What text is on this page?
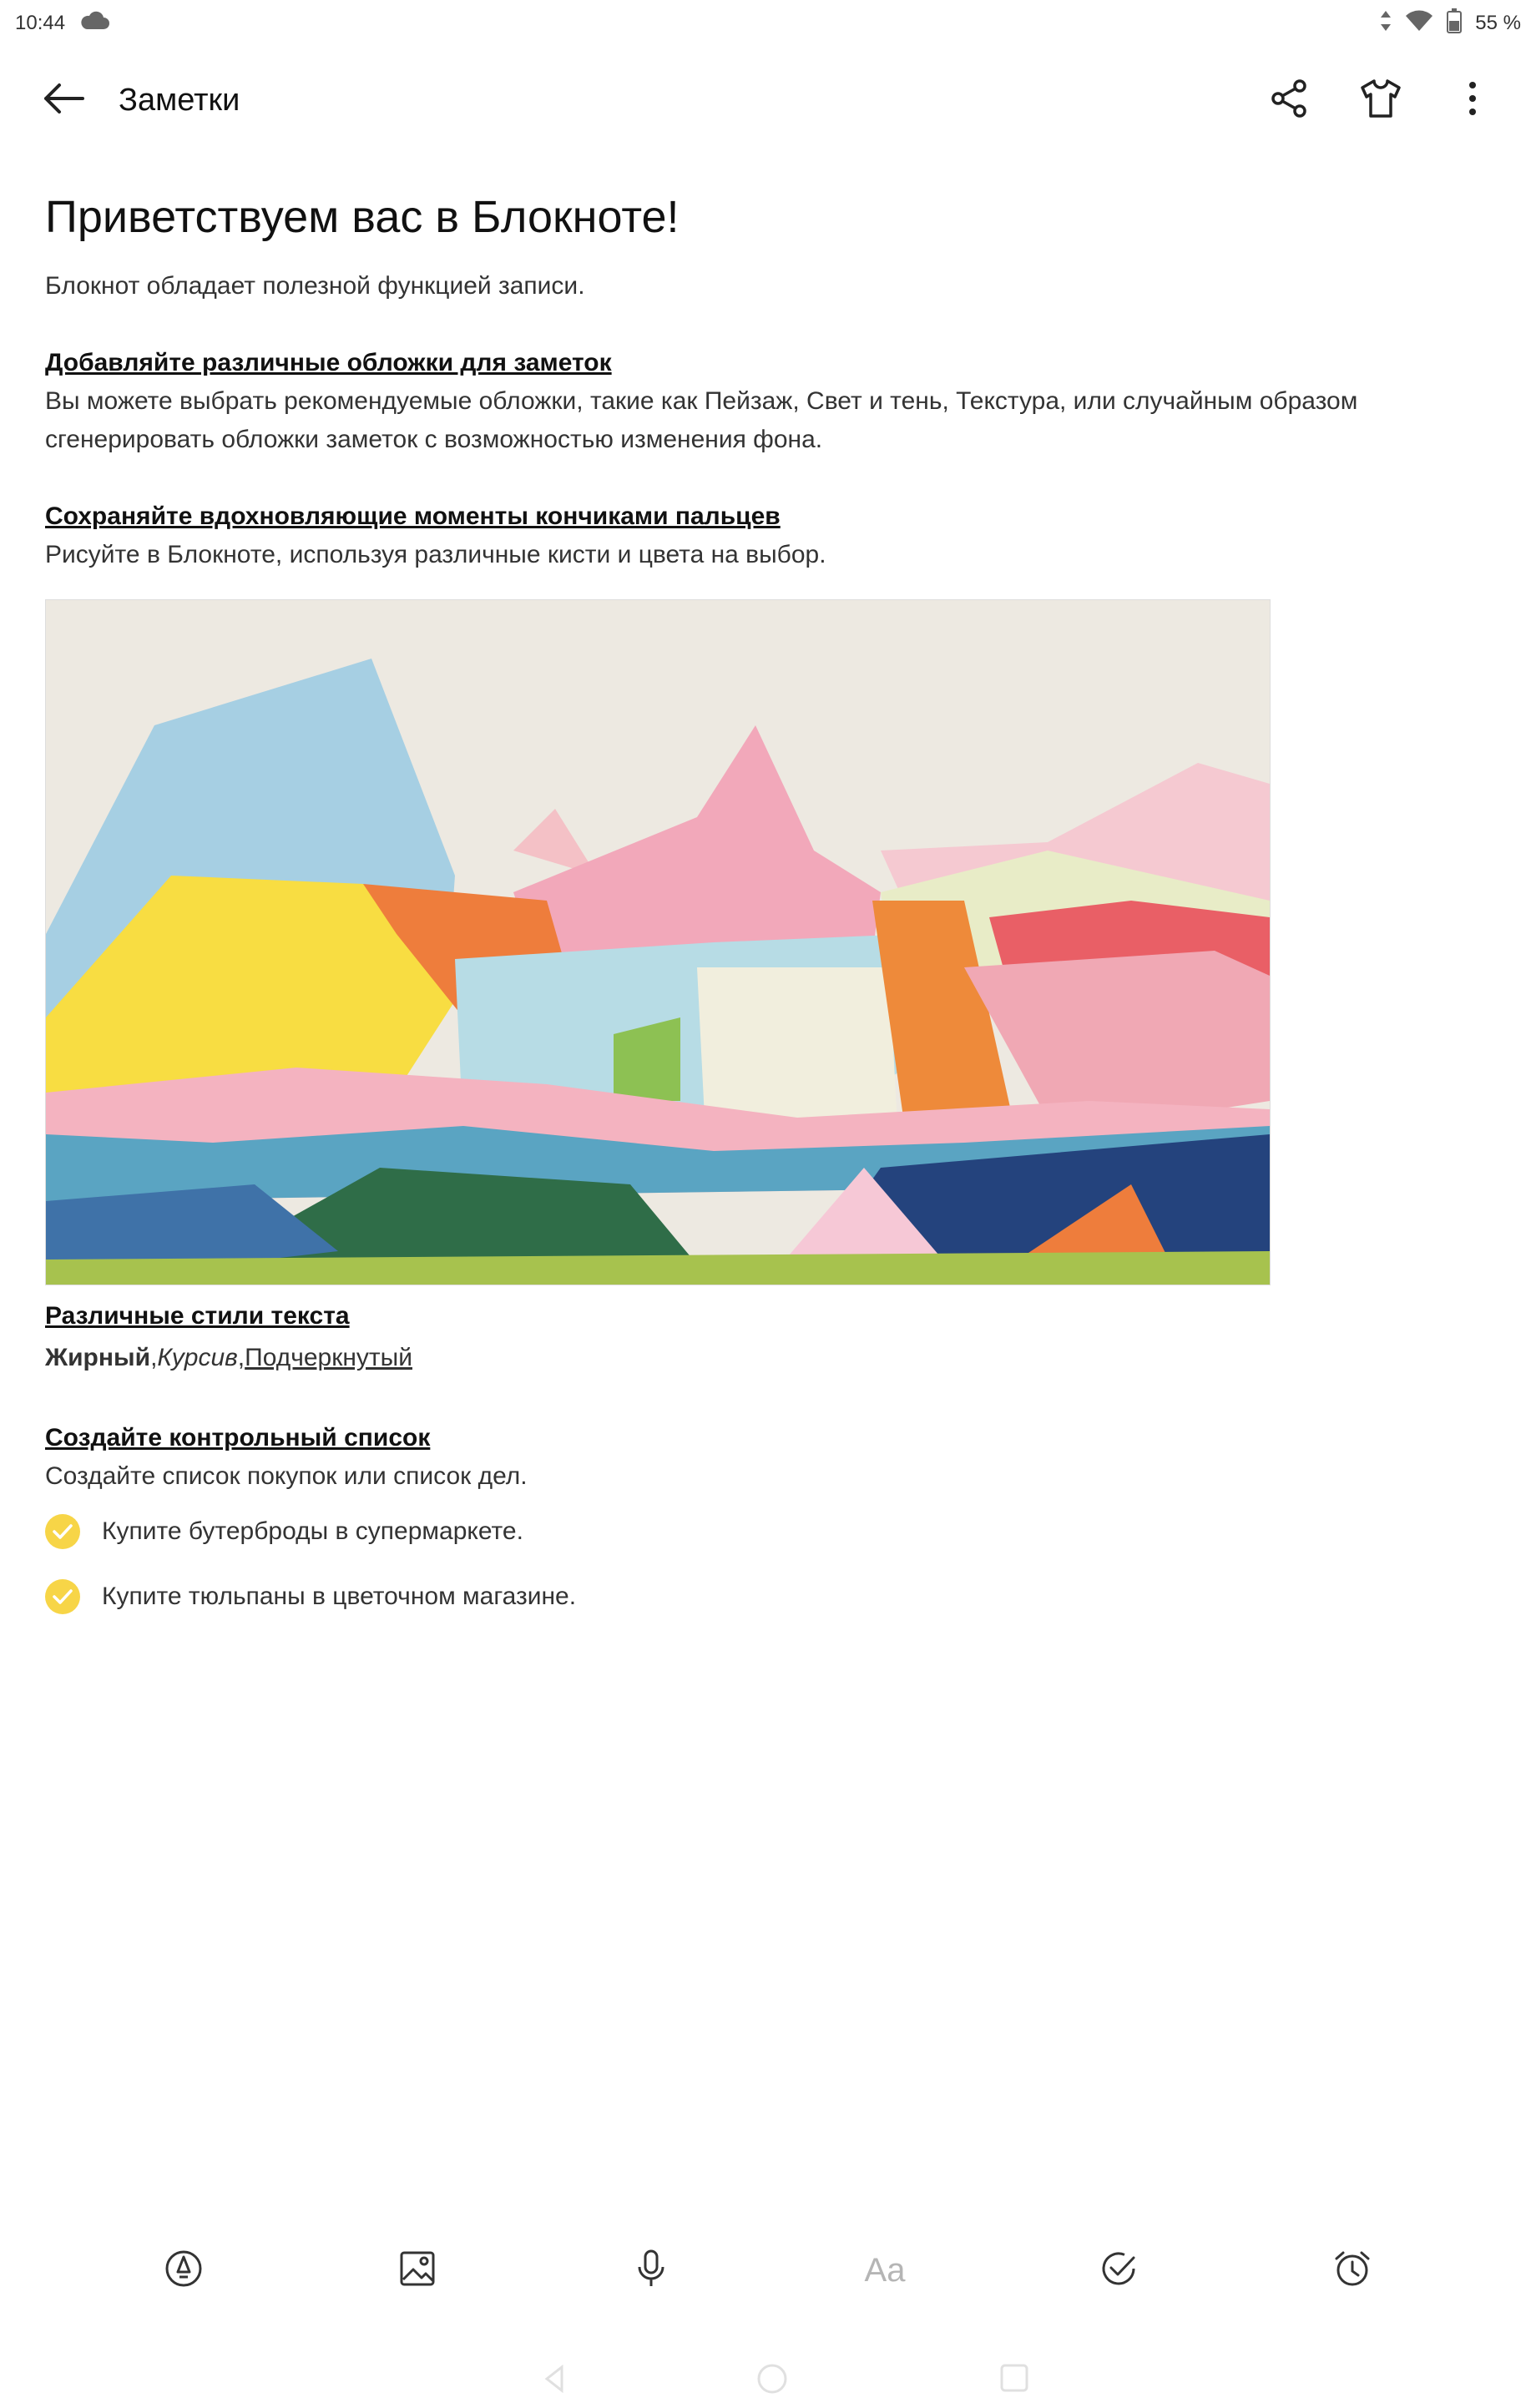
10:44	55 %
Заметки
Приветствуем вас в Блокноте!

Блокнот обладает полезной функцией записи.

Добавляйте различные обложки для заметок

Вы можете выбрать рекомендуемые обложки, такие как Пейзаж, Свет и тень, Текстура, или случайным образом

сгенерировать обложки заметок с возможностью изменения фона.

Сохраняйте вдохновляющие моменты кончиками пальцев

Рисуйте в Блокноте, используя различные кисти и цвета на выбор.

Различные стили текста

Жирный,Курсив,Подчеркнутый

Создайте контрольный список

Создайте список покупок или список дел.

Купите бутерброды в супермаркете.
Купите тюльпаны в цветочном магазине.
Aa
